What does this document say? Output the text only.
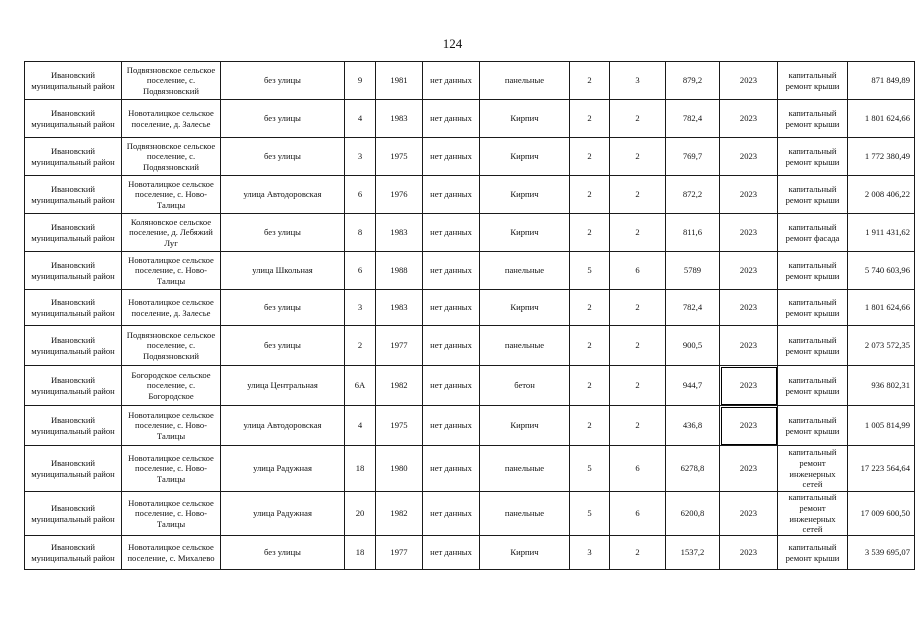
124
Ивановский муниципальный район	Подвязновское сельское поселение, с. Подвязновский	без улицы	9	1981	нет данных	панельные	2	3	879,2	2023	капитальный ремонт крыши	871 849,89
Ивановский муниципальный район	Новоталицкое сельское поселение, д. Залесье	без улицы	4	1983	нет данных	Кирпич	2	2	782,4	2023	капитальный ремонт крыши	1 801 624,66
Ивановский муниципальный район	Подвязновское сельское поселение, с. Подвязновский	без улицы	3	1975	нет данных	Кирпич	2	2	769,7	2023	капитальный ремонт крыши	1 772 380,49
Ивановский муниципальный район	Новоталицкое сельское поселение, с. Ново-Талицы	улица Автодоровская	6	1976	нет данных	Кирпич	2	2	872,2	2023	капитальный ремонт крыши	2 008 406,22
Ивановский муниципальный район	Коляновское сельское поселение, д. Лебяжий Луг	без улицы	8	1983	нет данных	Кирпич	2	2	811,6	2023	капитальный ремонт фасада	1 911 431,62
Ивановский муниципальный район	Новоталицкое сельское поселение, с. Ново-Талицы	улица Школьная	6	1988	нет данных	панельные	5	6	5789	2023	капитальный ремонт крыши	5 740 603,96
Ивановский муниципальный район	Новоталицкое сельское поселение, д. Залесье	без улицы	3	1983	нет данных	Кирпич	2	2	782,4	2023	капитальный ремонт крыши	1 801 624,66
Ивановский муниципальный район	Подвязновское сельское поселение, с. Подвязновский	без улицы	2	1977	нет данных	панельные	2	2	900,5	2023	капитальный ремонт крыши	2 073 572,35
Ивановский муниципальный район	Богородское сельское поселение, с. Богородское	улица Центральная	6А	1982	нет данных	бетон	2	2	944,7	2023	капитальный ремонт крыши	936 802,31
Ивановский муниципальный район	Новоталицкое сельское поселение, с. Ново-Талицы	улица Автодоровская	4	1975	нет данных	Кирпич	2	2	436,8	2023	капитальный ремонт крыши	1 005 814,99
Ивановский муниципальный район	Новоталицкое сельское поселение, с. Ново-Талицы	улица Радужная	18	1980	нет данных	панельные	5	6	6278,8	2023	капитальный ремонт инженерных сетей	17 223 564,64
Ивановский муниципальный район	Новоталицкое сельское поселение, с. Ново-Талицы	улица Радужная	20	1982	нет данных	панельные	5	6	6200,8	2023	капитальный ремонт инженерных сетей	17 009 600,50
Ивановский муниципальный район	Новоталицкое сельское поселение, с. Михалево	без улицы	18	1977	нет данных	Кирпич	3	2	1537,2	2023	капитальный ремонт крыши	3 539 695,07
